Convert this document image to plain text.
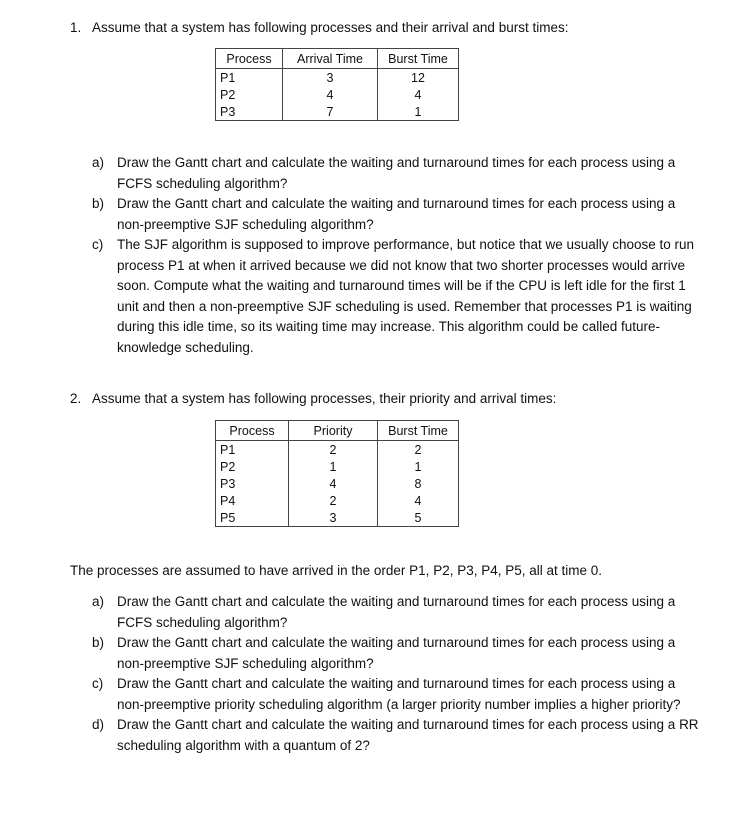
1. Assume that a system has following processes and their arrival and burst times:
Process	Arrival Time	Burst Time
P1	3	12
P2	4	4
P3	7	1
a) Draw the Gantt chart and calculate the waiting and turnaround times for each process using a FCFS scheduling algorithm?
b) Draw the Gantt chart and calculate the waiting and turnaround times for each process using a non-preemptive SJF scheduling algorithm?
c) The SJF algorithm is supposed to improve performance, but notice that we usually choose to run process P1 at when it arrived because we did not know that two shorter processes would arrive soon. Compute what the waiting and turnaround times will be if the CPU is left idle for the first 1 unit and then a non-preemptive SJF scheduling is used. Remember that processes P1 is waiting during this idle time, so its waiting time may increase. This algorithm could be called future-knowledge scheduling.
2. Assume that a system has following processes, their priority and arrival times:
Process	Priority	Burst Time
P1	2	2
P2	1	1
P3	4	8
P4	2	4
P5	3	5
The processes are assumed to have arrived in the order P1, P2, P3, P4, P5, all at time 0.
a) Draw the Gantt chart and calculate the waiting and turnaround times for each process using a FCFS scheduling algorithm?
b) Draw the Gantt chart and calculate the waiting and turnaround times for each process using a non-preemptive SJF scheduling algorithm?
c) Draw the Gantt chart and calculate the waiting and turnaround times for each process using a non-preemptive priority scheduling algorithm (a larger priority number implies a higher priority?
d) Draw the Gantt chart and calculate the waiting and turnaround times for each process using a RR scheduling algorithm with a quantum of 2?
